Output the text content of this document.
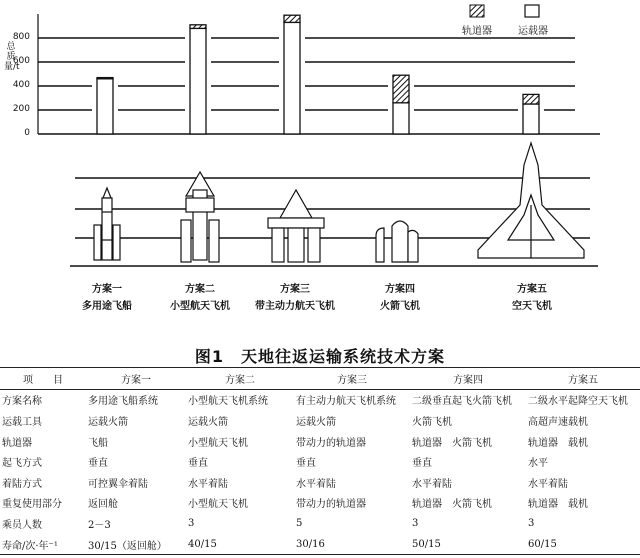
总质量/t
0
200
400
600
800	轨道器	运载器
方案一
多用途飞船
方案二
小型航天飞机
方案三
带主动力航天飞机
方案四
火箭飞机
方案五
空天飞机
图1　天地往返运输系统技术方案
项　　目	方案一	方案二	方案三	方案四	方案五
方案名称	多用途飞船系统	小型航天飞机系统	有主动力航天飞机系统	二级垂直起飞火箭飞机	二级水平起降空天飞机
运载工具	运载火箭	运载火箭	运载火箭	火箭飞机	高超声速载机
轨道器	飞船	小型航天飞机	带动力的轨道器	轨道器　火箭飞机	轨道器　载机
起飞方式	垂直	垂直	垂直	垂直	水平
着陆方式	可控翼伞着陆	水平着陆	水平着陆	水平着陆	水平着陆
重复使用部分	返回舱	小型航天飞机	带动力的轨道器	轨道器　火箭飞机	轨道器　载机
乘员人数	2－3	3	5	3	3
寿命/次·年⁻¹	30/15（返回舱）	40/15	30/16	50/15	60/15
